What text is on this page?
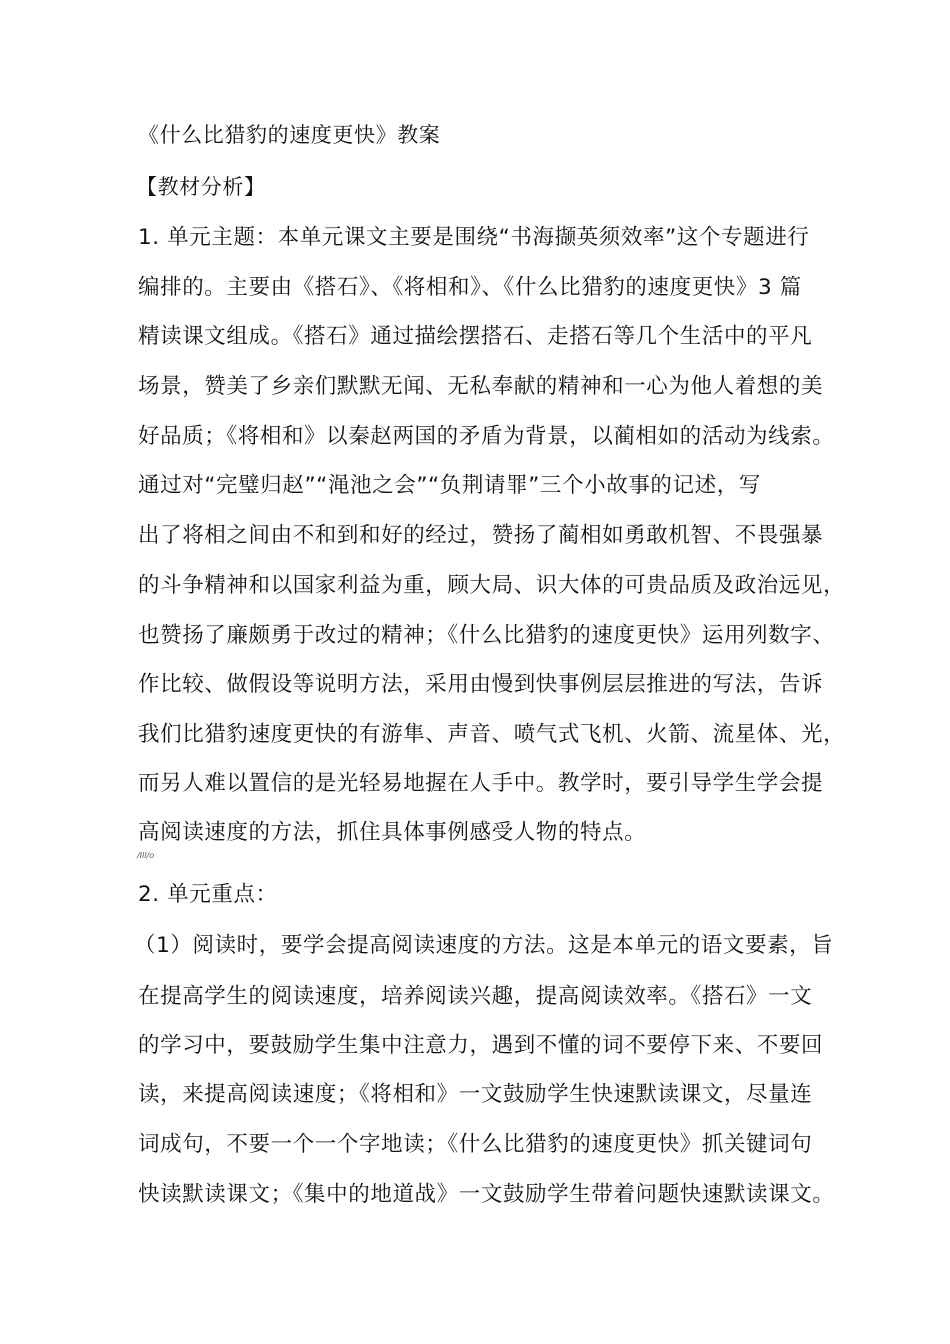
《什么比猎豹的速度更快》教案
【教材分析】
1. 单元主题：本单元课文主要是围绕“书海撷英须效率”这个专题进行
编排的。主要由《搭石》、《将相和》、《什么比猎豹的速度更快》3 篇
精读课文组成。《搭石》通过描绘摆搭石、走搭石等几个生活中的平凡
场景，赞美了乡亲们默默无闻、无私奉献的精神和一心为他人着想的美
好品质；《将相和》以秦赵两国的矛盾为背景，以蔺相如的活动为线索。
通过对“完璧归赵”“渑池之会”“负荆请罪”三个小故事的记述，写
出了将相之间由不和到和好的经过，赞扬了蔺相如勇敢机智、不畏强暴
的斗争精神和以国家利益为重，顾大局、识大体的可贵品质及政治远见，
也赞扬了廉颇勇于改过的精神；《什么比猎豹的速度更快》运用列数字、
作比较、做假设等说明方法，采用由慢到快事例层层推进的写法，告诉
我们比猎豹速度更快的有游隼、声音、喷气式飞机、火箭、流星体、光，
而另人难以置信的是光轻易地握在人手中。教学时，要引导学生学会提
高阅读速度的方法，抓住具体事例感受人物的特点。
/Ill/o
2. 单元重点：
（1）阅读时，要学会提高阅读速度的方法。这是本单元的语文要素，旨
在提高学生的阅读速度，培养阅读兴趣，提高阅读效率。《搭石》一文
的学习中，要鼓励学生集中注意力，遇到不懂的词不要停下来、不要回
读，来提高阅读速度；《将相和》一文鼓励学生快速默读课文，尽量连
词成句，不要一个一个字地读；《什么比猎豹的速度更快》抓关键词句
快读默读课文；《集中的地道战》一文鼓励学生带着问题快速默读课文。
